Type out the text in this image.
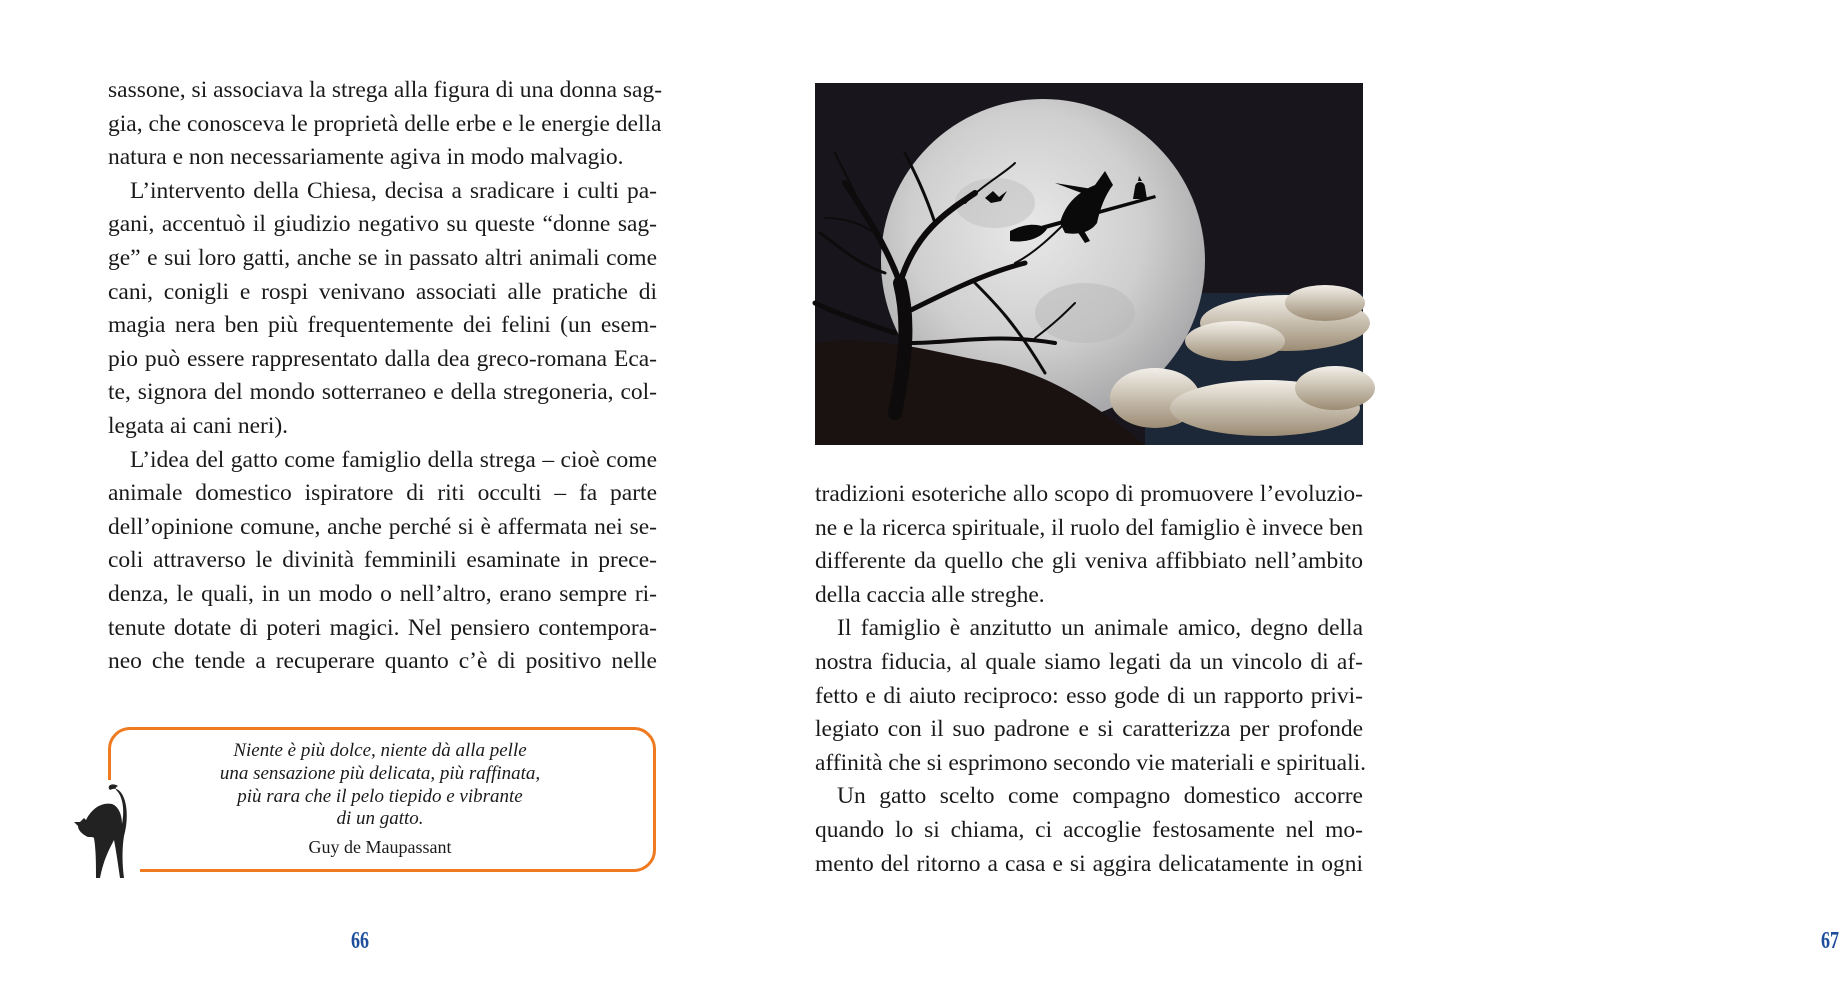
sassone, si associava la strega alla figura di una donna sag-
gia, che conosceva le proprietà delle erbe e le energie della
natura e non necessariamente agiva in modo malvagio.
L’intervento della Chiesa, decisa a sradicare i culti pa-
gani, accentuò il giudizio negativo su queste “donne sag-
ge” e sui loro gatti, anche se in passato altri animali come
cani, conigli e rospi venivano associati alle pratiche di
magia nera ben più frequentemente dei felini (un esem-
pio può essere rappresentato dalla dea greco-romana Eca-
te, signora del mondo sotterraneo e della stregoneria, col-
legata ai cani neri).
L’idea del gatto come famiglio della strega – cioè come
animale domestico ispiratore di riti occulti – fa parte
dell’opinione comune, anche perché si è affermata nei se-
coli attraverso le divinità femminili esaminate in prece-
denza, le quali, in un modo o nell’altro, erano sempre ri-
tenute dotate di poteri magici. Nel pensiero contempora-
neo che tende a recuperare quanto c’è di positivo nelle
Niente è più dolce, niente dà alla pelle
una sensazione più delicata, più raffinata,
più rara che il pelo tiepido e vibrante
di un gatto.
Guy de Maupassant
66
tradizioni esoteriche allo scopo di promuovere l’evoluzio-
ne e la ricerca spirituale, il ruolo del famiglio è invece ben
differente da quello che gli veniva affibbiato nell’ambito
della caccia alle streghe.
Il famiglio è anzitutto un animale amico, degno della
nostra fiducia, al quale siamo legati da un vincolo di af-
fetto e di aiuto reciproco: esso gode di un rapporto privi-
legiato con il suo padrone e si caratterizza per profonde
affinità che si esprimono secondo vie materiali e spirituali.
Un gatto scelto come compagno domestico accorre
quando lo si chiama, ci accoglie festosamente nel mo-
mento del ritorno a casa e si aggira delicatamente in ogni
67
